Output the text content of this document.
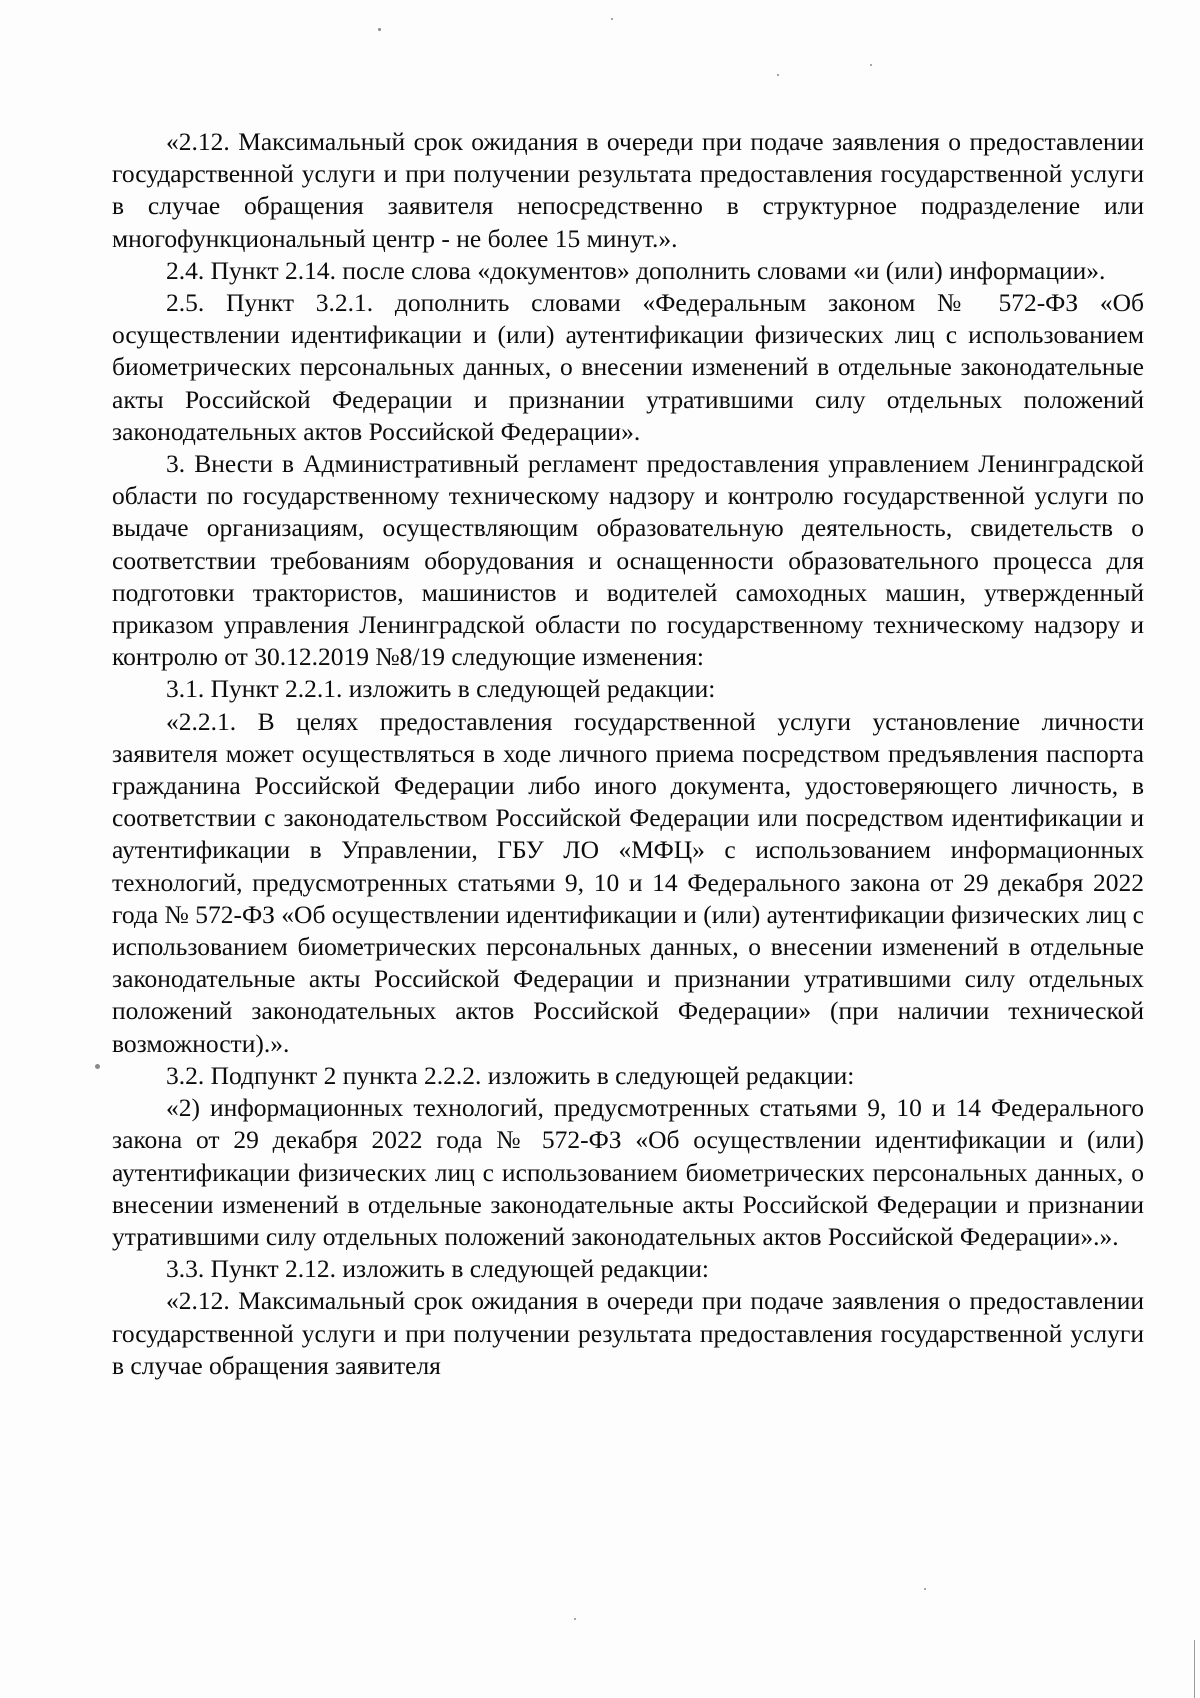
«2.12. Максимальный срок ожидания в очереди при подаче заявления о предоставлении государственной услуги и при получении результата предоставления государственной услуги в случае обращения заявителя непосредственно в структурное подразделение или многофункциональный центр - не более 15 минут.».

2.4. Пункт 2.14. после слова «документов» дополнить словами «и (или) информации».

2.5. Пункт 3.2.1. дополнить словами «Федеральным законом № 572-ФЗ «Об осуществлении идентификации и (или) аутентификации физических лиц с использованием биометрических персональных данных, о внесении изменений в отдельные законодательные акты Российской Федерации и признании утратившими силу отдельных положений законодательных актов Российской Федерации».

3. Внести в Административный регламент предоставления управлением Ленинградской области по государственному техническому надзору и контролю государственной услуги по выдаче организациям, осуществляющим образовательную деятельность, свидетельств о соответствии требованиям оборудования и оснащенности образовательного процесса для подготовки трактористов, машинистов и водителей самоходных машин, утвержденный приказом управления Ленинградской области по государственному техническому надзору и контролю от 30.12.2019 №8/19 следующие изменения:

3.1. Пункт 2.2.1. изложить в следующей редакции:

«2.2.1. В целях предоставления государственной услуги установление личности заявителя может осуществляться в ходе личного приема посредством предъявления паспорта гражданина Российской Федерации либо иного документа, удостоверяющего личность, в соответствии с законодательством Российской Федерации или посредством идентификации и аутентификации в Управлении, ГБУ ЛО «МФЦ» с использованием информационных технологий, предусмотренных статьями 9, 10 и 14 Федерального закона от 29 декабря 2022 года № 572-ФЗ «Об осуществлении идентификации и (или) аутентификации физических лиц с использованием биометрических персональных данных, о внесении изменений в отдельные законодательные акты Российской Федерации и признании утратившими силу отдельных положений законодательных актов Российской Федерации» (при наличии технической возможности).».

3.2. Подпункт 2 пункта 2.2.2. изложить в следующей редакции:

«2) информационных технологий, предусмотренных статьями 9, 10 и 14 Федерального закона от 29 декабря 2022 года № 572-ФЗ «Об осуществлении идентификации и (или) аутентификации физических лиц с использованием биометрических персональных данных, о внесении изменений в отдельные законодательные акты Российской Федерации и признании утратившими силу отдельных положений законодательных актов Российской Федерации».».

3.3. Пункт 2.12. изложить в следующей редакции:

«2.12. Максимальный срок ожидания в очереди при подаче заявления о предоставлении государственной услуги и при получении результата предоставления государственной услуги в случае обращения заявителя
